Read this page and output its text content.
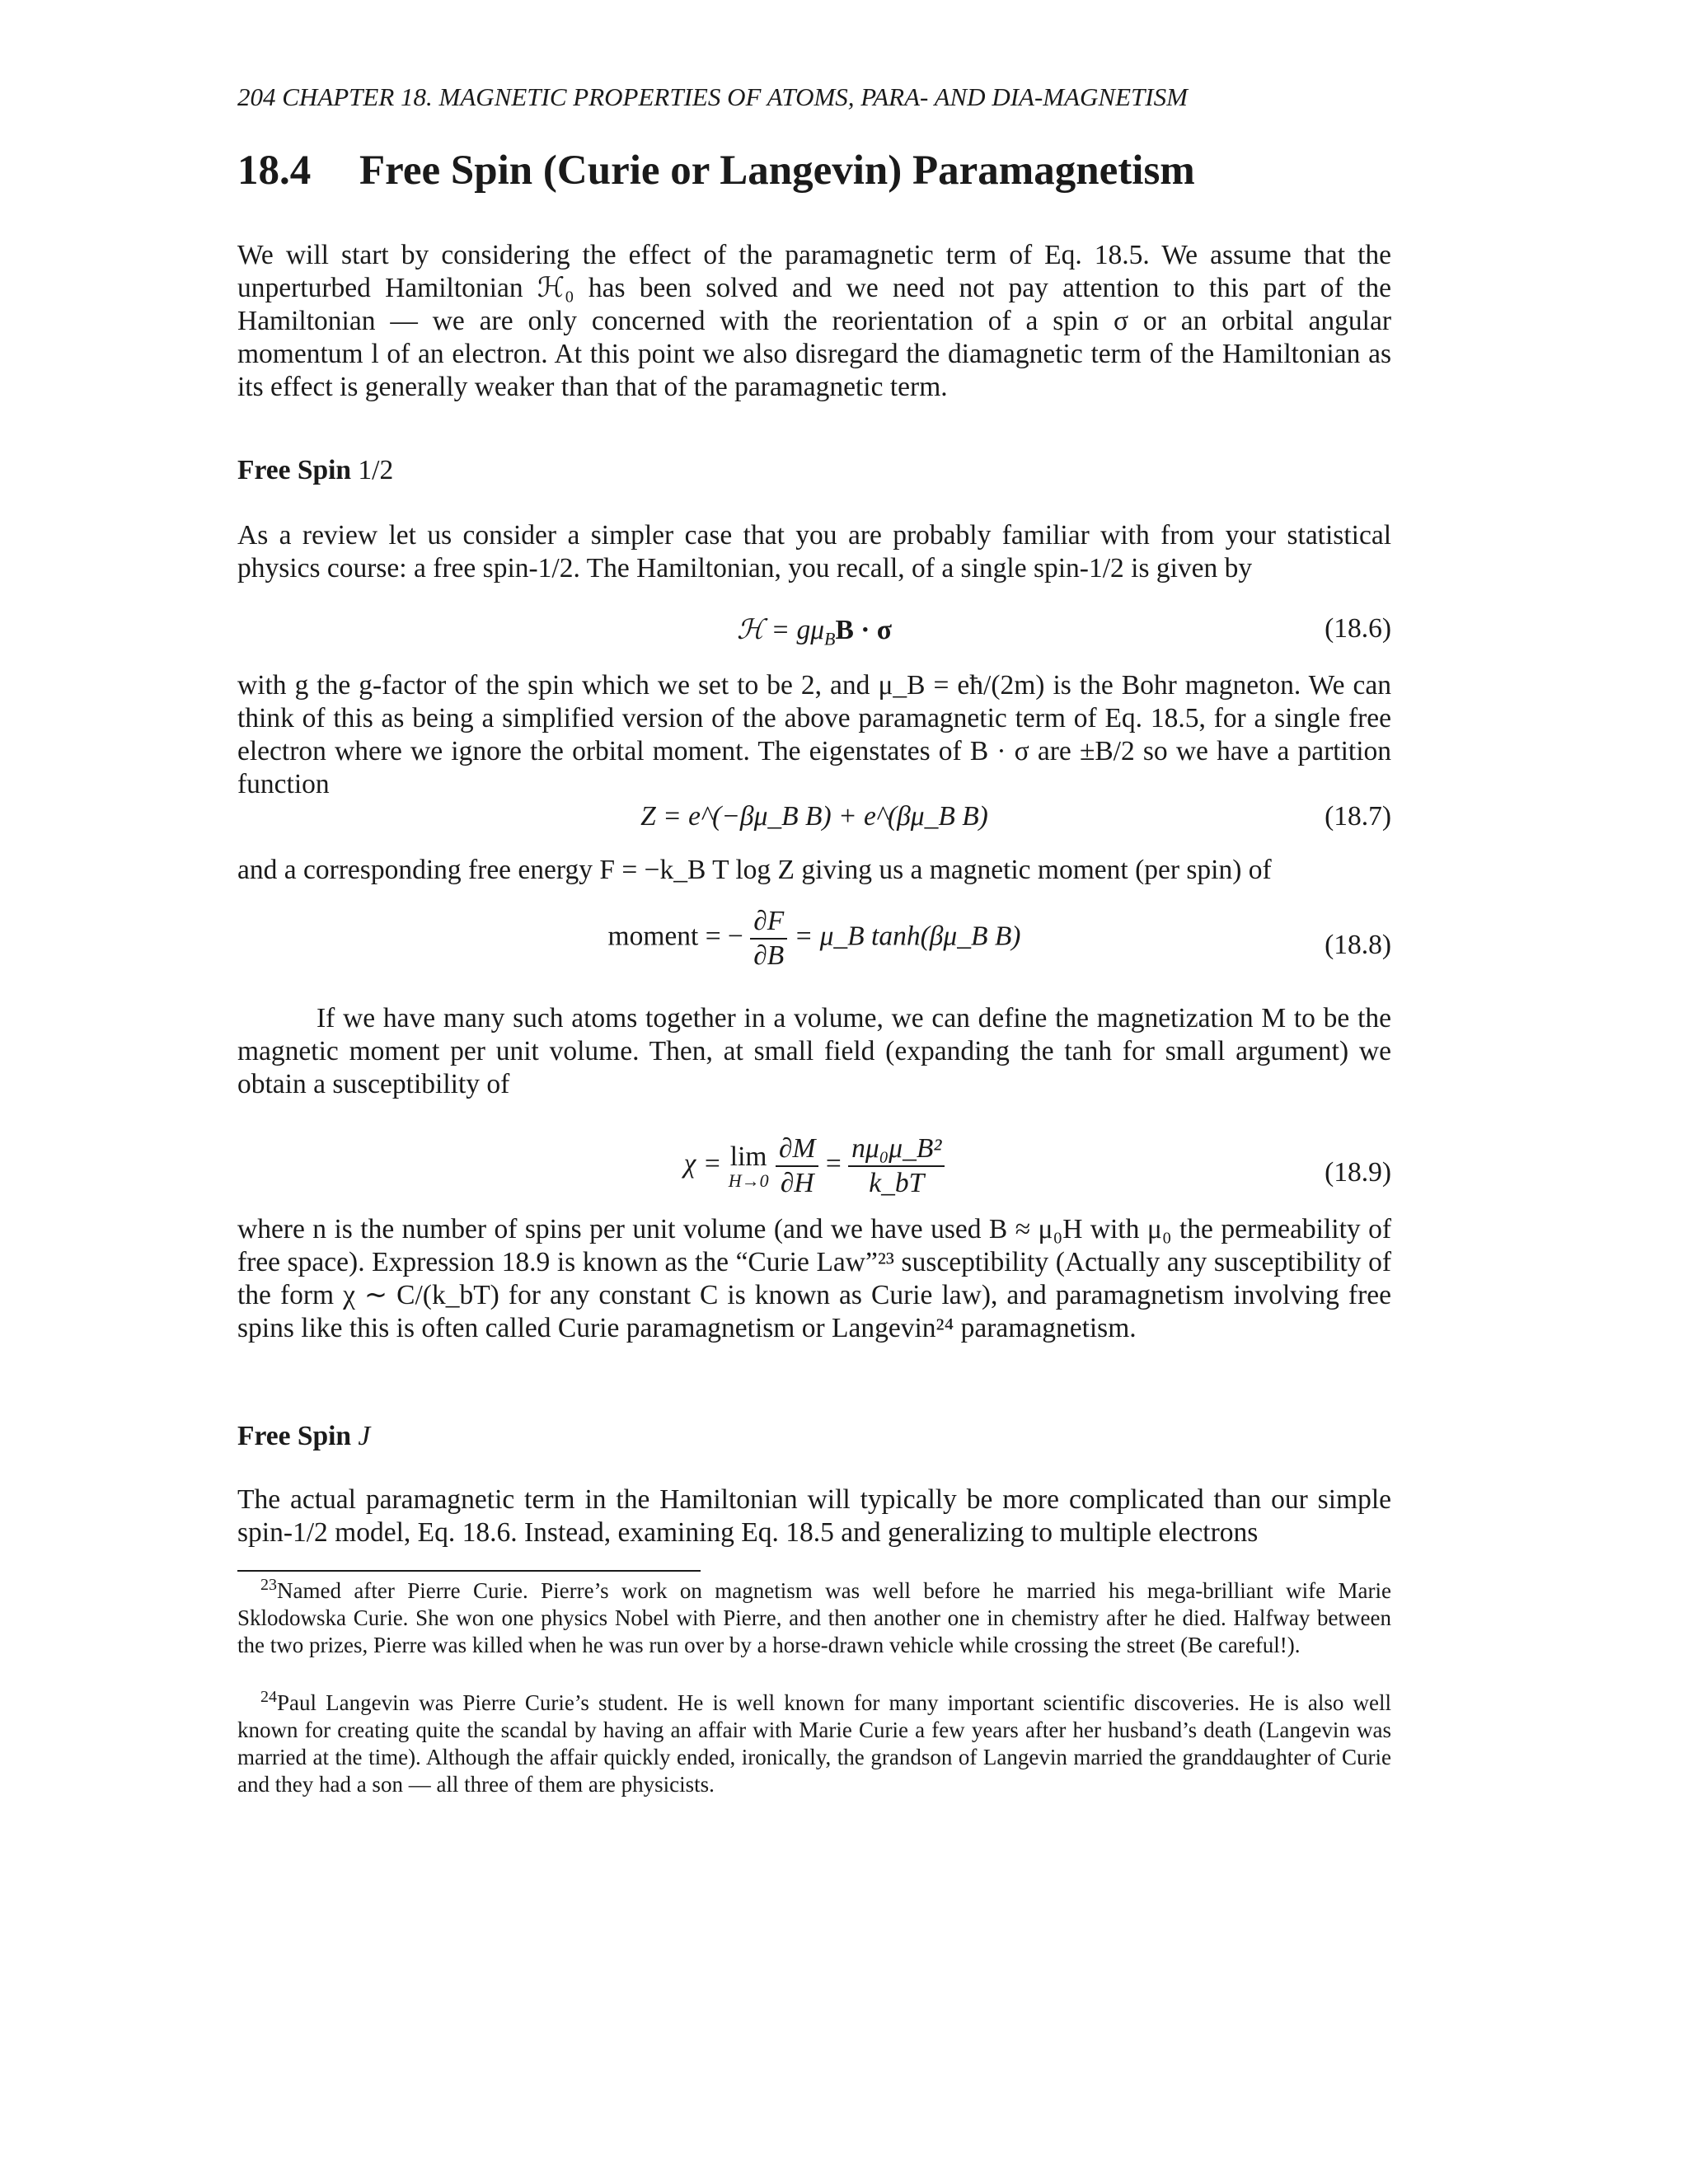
204 CHAPTER 18. MAGNETIC PROPERTIES OF ATOMS, PARA- AND DIA-MAGNETISM
18.4 Free Spin (Curie or Langevin) Paramagnetism
We will start by considering the effect of the paramagnetic term of Eq. 18.5. We assume that the unperturbed Hamiltonian ℋ₀ has been solved and we need not pay attention to this part of the Hamiltonian — we are only concerned with the reorientation of a spin σ or an orbital angular momentum l of an electron. At this point we also disregard the diamagnetic term of the Hamiltonian as its effect is generally weaker than that of the paramagnetic term.
Free Spin 1/2
As a review let us consider a simpler case that you are probably familiar with from your statistical physics course: a free spin-1/2. The Hamiltonian, you recall, of a single spin-1/2 is given by
ℋ = $g\mu_BB \cdot \sigma$	(18.6)
with g the g-factor of the spin which we set to be 2, and μ_B = eħ/(2m) is the Bohr magneton. We can think of this as being a simplified version of the above paramagnetic term of Eq. 18.5, for a single free electron where we ignore the orbital moment. The eigenstates of B · σ are ±B/2 so we have a partition function
Z = e^(−βμ_B B) + e^(βμ_B B)	(18.7)
and a corresponding free energy F = −k_B T log Z giving us a magnetic moment (per spin) of
moment = − $\frac{\partial F}{\partial B}$ = μ_B tanh(βμ_B B)	(18.8)
If we have many such atoms together in a volume, we can define the magnetization M to be the magnetic moment per unit volume. Then, at small field (expanding the tanh for small argument) we obtain a susceptibility of
χ = lim
H→0
$\frac{\partial M}{\partial H} = \frac{\text{nμ₀μ\_B²}}{k\_bT}$	(18.9)
where n is the number of spins per unit volume (and we have used B ≈ μ₀H with μ₀ the permeability of free space). Expression 18.9 is known as the “Curie Law”²³ susceptibility (Actually any susceptibility of the form χ ∼ C/(k_bT) for any constant C is known as Curie law), and paramagnetism involving free spins like this is often called Curie paramagnetism or Langevin²⁴ paramagnetism.
Free Spin J
The actual paramagnetic term in the Hamiltonian will typically be more complicated than our simple spin-1/2 model, Eq. 18.6. Instead, examining Eq. 18.5 and generalizing to multiple electrons
$^{23}$Named after Pierre Curie. Pierre’s work on magnetism was well before he married his mega-brilliant wife Marie Sklodowska Curie. She won one physics Nobel with Pierre, and then another one in chemistry after he died. Halfway between the two prizes, Pierre was killed when he was run over by a horse-drawn vehicle while crossing the street (Be careful!).
$^{24}$Paul Langevin was Pierre Curie’s student. He is well known for many important scientific discoveries. He is also well known for creating quite the scandal by having an affair with Marie Curie a few years after her husband’s death (Langevin was married at the time). Although the affair quickly ended, ironically, the grandson of Langevin married the granddaughter of Curie and they had a son — all three of them are physicists.
